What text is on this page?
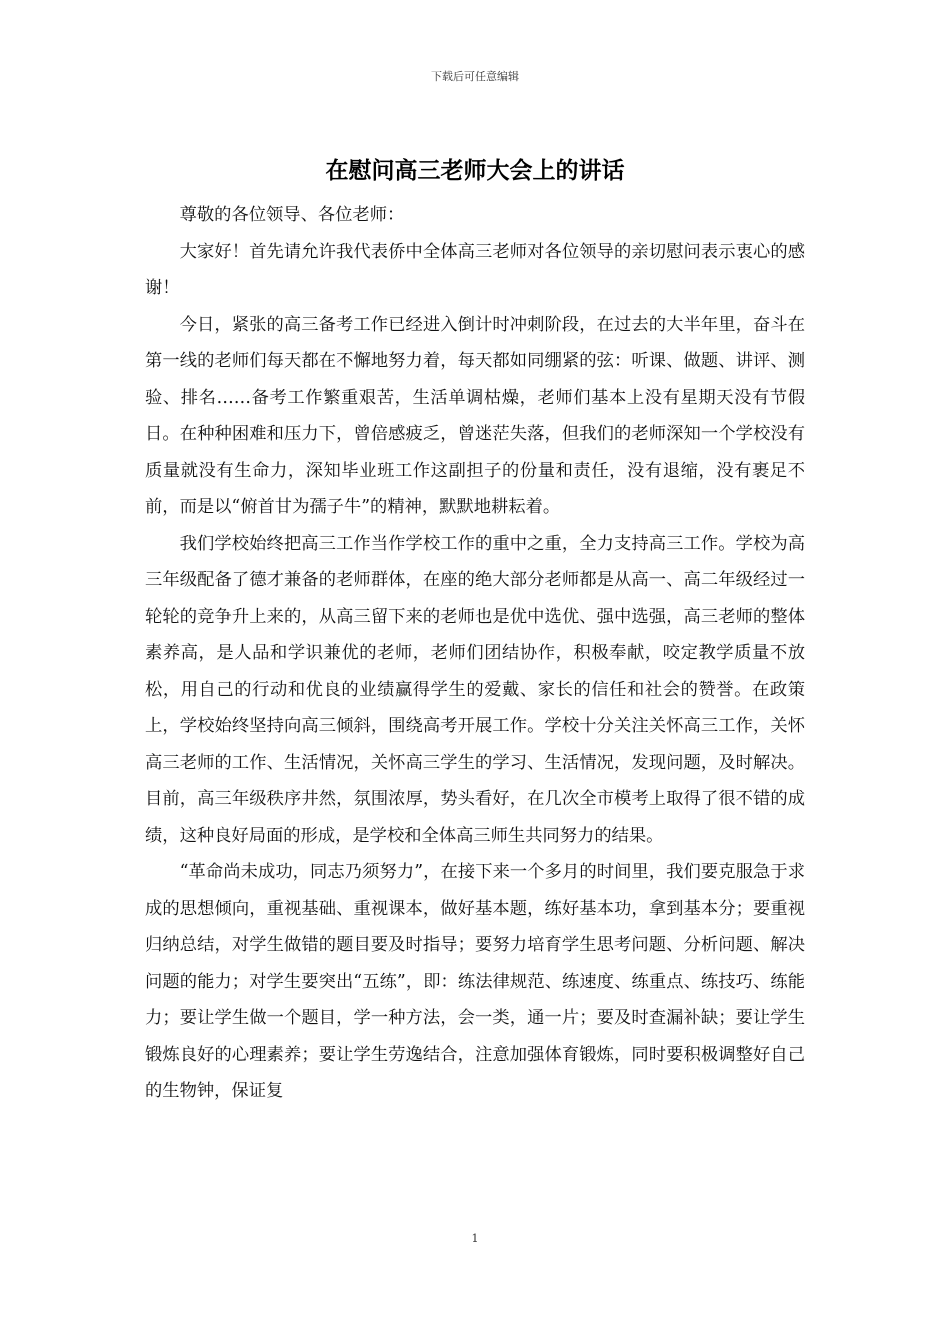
下载后可任意编辑
在慰问高三老师大会上的讲话

尊敬的各位领导、各位老师：

大家好！首先请允许我代表侨中全体高三老师对各位领导的亲切慰问表示衷心的感谢！

今日，紧张的高三备考工作已经进入倒计时冲刺阶段，在过去的大半年里，奋斗在第一线的老师们每天都在不懈地努力着，每天都如同绷紧的弦：听课、做题、讲评、测验、排名……备考工作繁重艰苦，生活单调枯燥，老师们基本上没有星期天没有节假日。在种种困难和压力下，曾倍感疲乏，曾迷茫失落，但我们的老师深知一个学校没有质量就没有生命力，深知毕业班工作这副担子的份量和责任，没有退缩，没有裹足不前，而是以“俯首甘为孺子牛”的精神，默默地耕耘着。

我们学校始终把高三工作当作学校工作的重中之重，全力支持高三工作。学校为高三年级配备了德才兼备的老师群体，在座的绝大部分老师都是从高一、高二年级经过一轮轮的竞争升上来的，从高三留下来的老师也是优中选优、强中选强，高三老师的整体素养高，是人品和学识兼优的老师，老师们团结协作，积极奉献，咬定教学质量不放松，用自己的行动和优良的业绩赢得学生的爱戴、家长的信任和社会的赞誉。在政策上，学校始终坚持向高三倾斜，围绕高考开展工作。学校十分关注关怀高三工作，关怀高三老师的工作、生活情况，关怀高三学生的学习、生活情况，发现问题，及时解决。目前，高三年级秩序井然，氛围浓厚，势头看好，在几次全市模考上取得了很不错的成绩，这种良好局面的形成，是学校和全体高三师生共同努力的结果。

“革命尚未成功，同志乃须努力”，在接下来一个多月的时间里，我们要克服急于求成的思想倾向，重视基础、重视课本，做好基本题，练好基本功，拿到基本分；要重视归纳总结，对学生做错的题目要及时指导；要努力培育学生思考问题、分析问题、解决问题的能力；对学生要突出“五练”，即：练法律规范、练速度、练重点、练技巧、练能力；要让学生做一个题目，学一种方法，会一类，通一片；要及时查漏补缺；要让学生锻炼良好的心理素养；要让学生劳逸结合，注意加强体育锻炼，同时要积极调整好自己的生物钟，保证复

1
